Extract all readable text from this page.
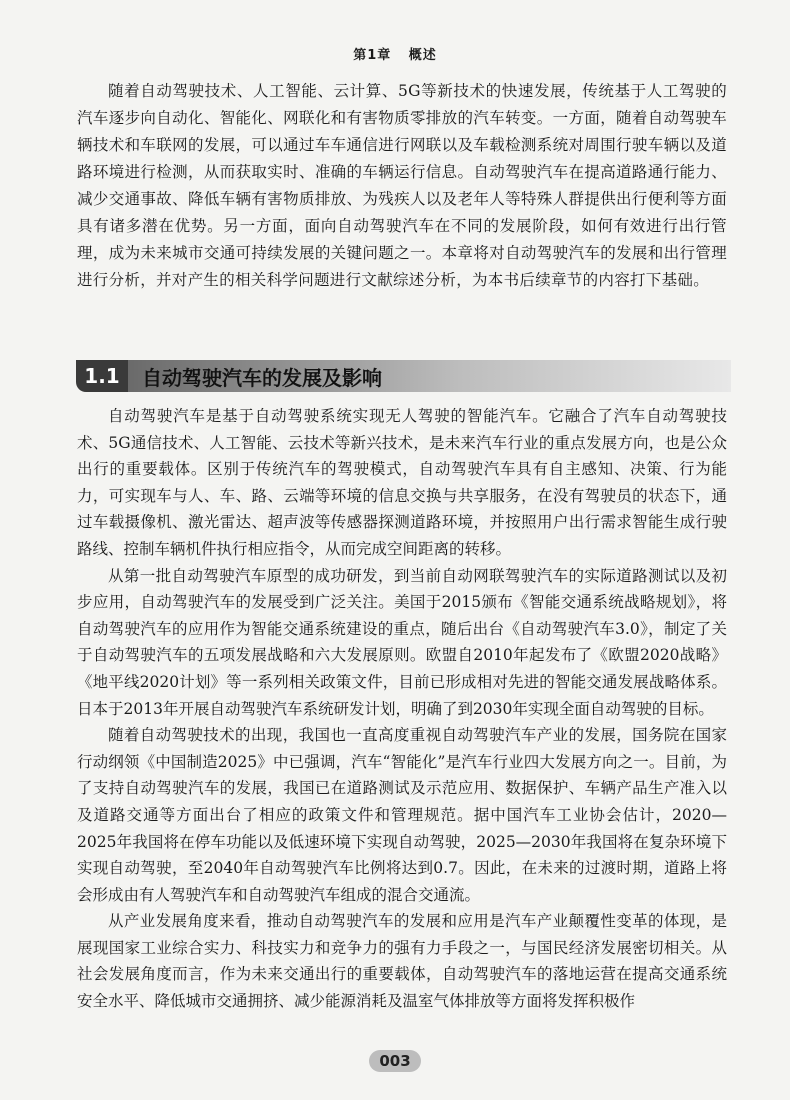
第1章 概述

随着自动驾驶技术、人工智能、云计算、5G等新技术的快速发展，传统基于人工驾驶的汽车逐步向自动化、智能化、网联化和有害物质零排放的汽车转变。一方面，随着自动驾驶车辆技术和车联网的发展，可以通过车车通信进行网联以及车载检测系统对周围行驶车辆以及道路环境进行检测，从而获取实时、准确的车辆运行信息。自动驾驶汽车在提高道路通行能力、减少交通事故、降低车辆有害物质排放、为残疾人以及老年人等特殊人群提供出行便利等方面具有诸多潜在优势。另一方面，面向自动驾驶汽车在不同的发展阶段，如何有效进行出行管理，成为未来城市交通可持续发展的关键问题之一。本章将对自动驾驶汽车的发展和出行管理进行分析，并对产生的相关科学问题进行文献综述分析，为本书后续章节的内容打下基础。

1.1	自动驾驶汽车的发展及影响

自动驾驶汽车是基于自动驾驶系统实现无人驾驶的智能汽车。它融合了汽车自动驾驶技术、5G通信技术、人工智能、云技术等新兴技术，是未来汽车行业的重点发展方向，也是公众出行的重要载体。区别于传统汽车的驾驶模式，自动驾驶汽车具有自主感知、决策、行为能力，可实现车与人、车、路、云端等环境的信息交换与共享服务，在没有驾驶员的状态下，通过车载摄像机、激光雷达、超声波等传感器探测道路环境，并按照用户出行需求智能生成行驶路线、控制车辆机件执行相应指令，从而完成空间距离的转移。

从第一批自动驾驶汽车原型的成功研发，到当前自动网联驾驶汽车的实际道路测试以及初步应用，自动驾驶汽车的发展受到广泛关注。美国于2015颁布《智能交通系统战略规划》，将自动驾驶汽车的应用作为智能交通系统建设的重点，随后出台《自动驾驶汽车3.0》，制定了关于自动驾驶汽车的五项发展战略和六大发展原则。欧盟自2010年起发布了《欧盟2020战略》《地平线2020计划》等一系列相关政策文件，目前已形成相对先进的智能交通发展战略体系。日本于2013年开展自动驾驶汽车系统研发计划，明确了到2030年实现全面自动驾驶的目标。

随着自动驾驶技术的出现，我国也一直高度重视自动驾驶汽车产业的发展，国务院在国家行动纲领《中国制造2025》中已强调，汽车“智能化”是汽车行业四大发展方向之一。目前，为了支持自动驾驶汽车的发展，我国已在道路测试及示范应用、数据保护、车辆产品生产准入以及道路交通等方面出台了相应的政策文件和管理规范。据中国汽车工业协会估计，2020—2025年我国将在停车功能以及低速环境下实现自动驾驶，2025—2030年我国将在复杂环境下实现自动驾驶，至2040年自动驾驶汽车比例将达到0.7。因此，在未来的过渡时期，道路上将会形成由有人驾驶汽车和自动驾驶汽车组成的混合交通流。

从产业发展角度来看，推动自动驾驶汽车的发展和应用是汽车产业颠覆性变革的体现，是展现国家工业综合实力、科技实力和竞争力的强有力手段之一，与国民经济发展密切相关。从社会发展角度而言，作为未来交通出行的重要载体，自动驾驶汽车的落地运营在提高交通系统安全水平、降低城市交通拥挤、减少能源消耗及温室气体排放等方面将发挥积极作

003
